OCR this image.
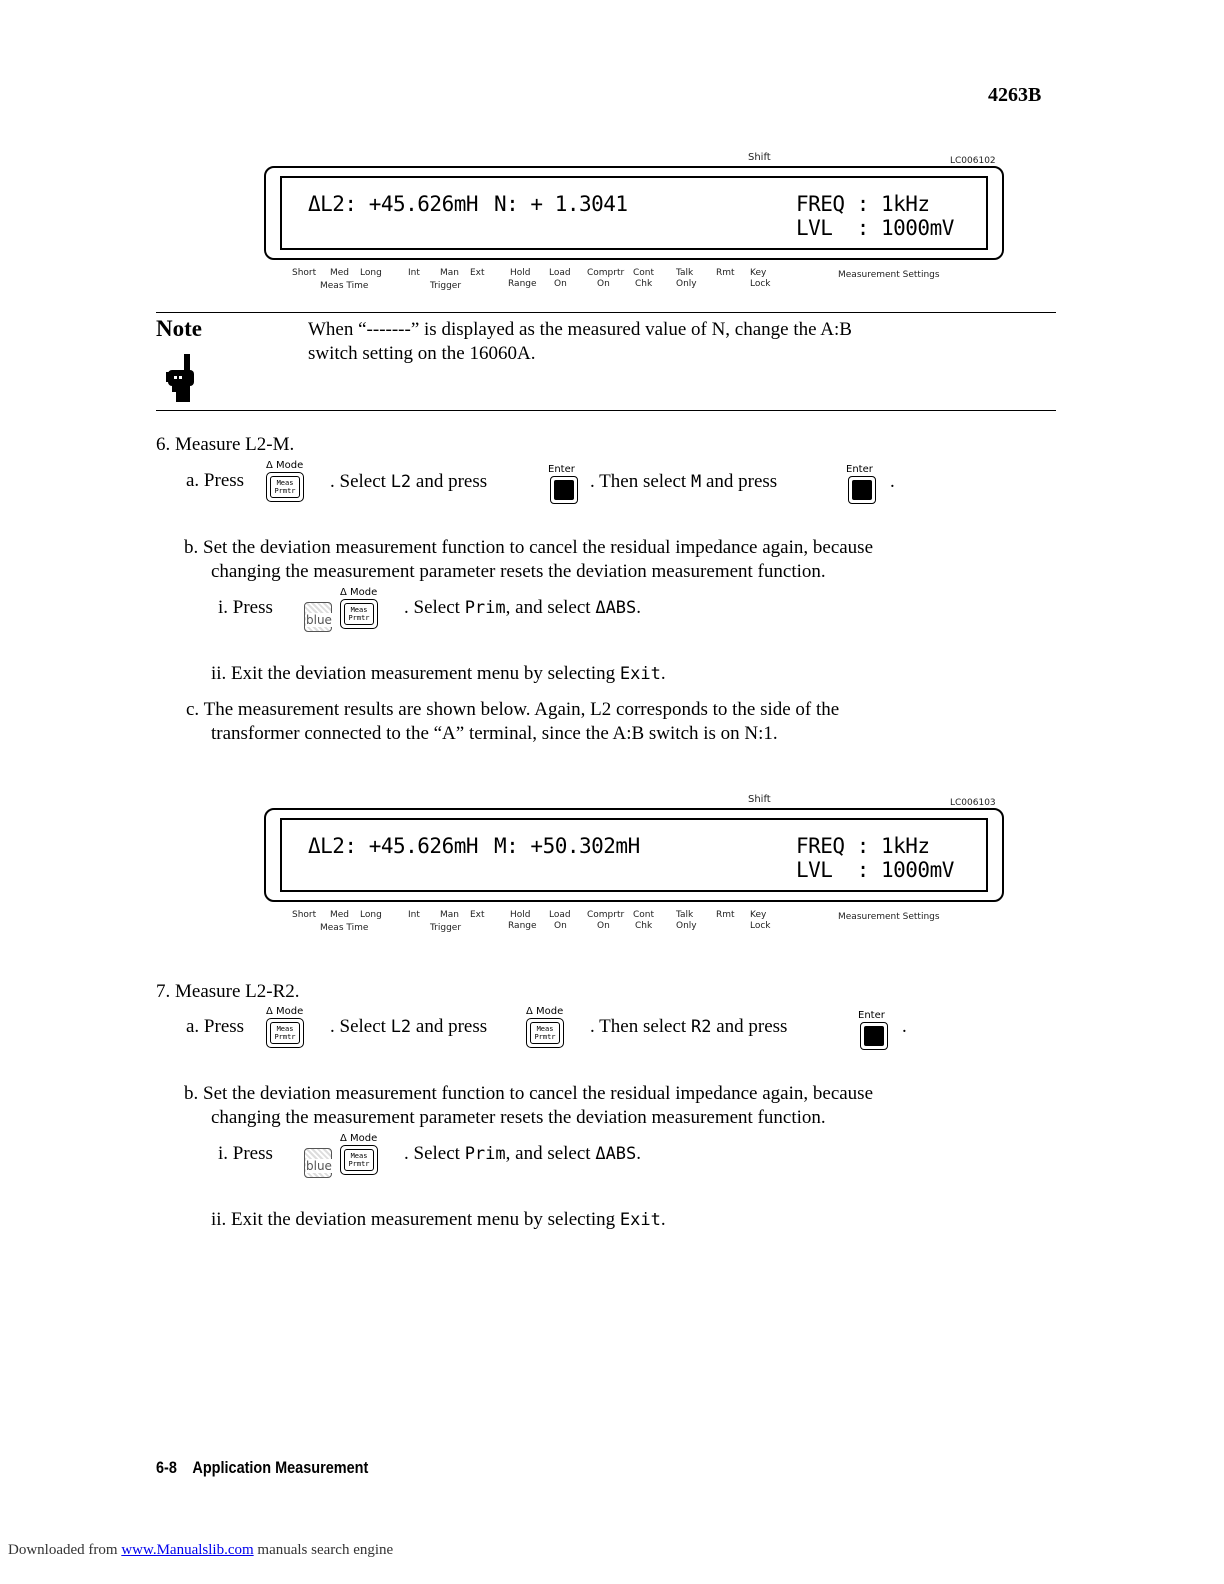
4263B
Shift	LC006102
ΔL2: +45.626mH N: + 1.3041	FREQ : 1kHz
LVL  : 1000mV
Short Med Long
Meas Time
Int Man Ext
Trigger
Hold
Range
Load
On
Comprtr
On
Cont
Chk
Talk
Only
Rmt Key
Lock
Measurement Settings
Note	When “-------” is displayed as the measured value of N, change the A:B
switch setting on the 16060A.
6. Measure L2-M.
a. Press
Δ Mode
Meas
Prmtr . Select L2 and press
Enter
. Then select M and press
Enter
.
b. Set the deviation measurement function to cancel the residual impedance again, because
changing the measurement parameter resets the deviation measurement function.
i. Press
blue
Δ Mode
Meas
Prmtr . Select Prim, and select ΔABS.
ii. Exit the deviation measurement menu by selecting Exit.
c. The measurement results are shown below. Again, L2 corresponds to the side of the
transformer connected to the “A” terminal, since the A:B switch is on N:1.
Shift	LC006103
ΔL2: +45.626mH M: +50.302mH	FREQ : 1kHz
LVL  : 1000mV
Short Med Long
Meas Time
Int Man Ext
Trigger
Hold
Range
Load
On
Comprtr
On
Cont
Chk
Talk
Only
Rmt Key
Lock
Measurement Settings
7. Measure L2-R2.
a. Press
Δ Mode
Meas
Prmtr . Select L2 and press
Δ Mode
Meas
Prmtr . Then select R2 and press
Enter
.
b. Set the deviation measurement function to cancel the residual impedance again, because
changing the measurement parameter resets the deviation measurement function.
i. Press
blue
Δ Mode
Meas
Prmtr . Select Prim, and select ΔABS.
ii. Exit the deviation measurement menu by selecting Exit.
6-8 Application Measurement
Downloaded from www.Manualslib.com manuals search engine
